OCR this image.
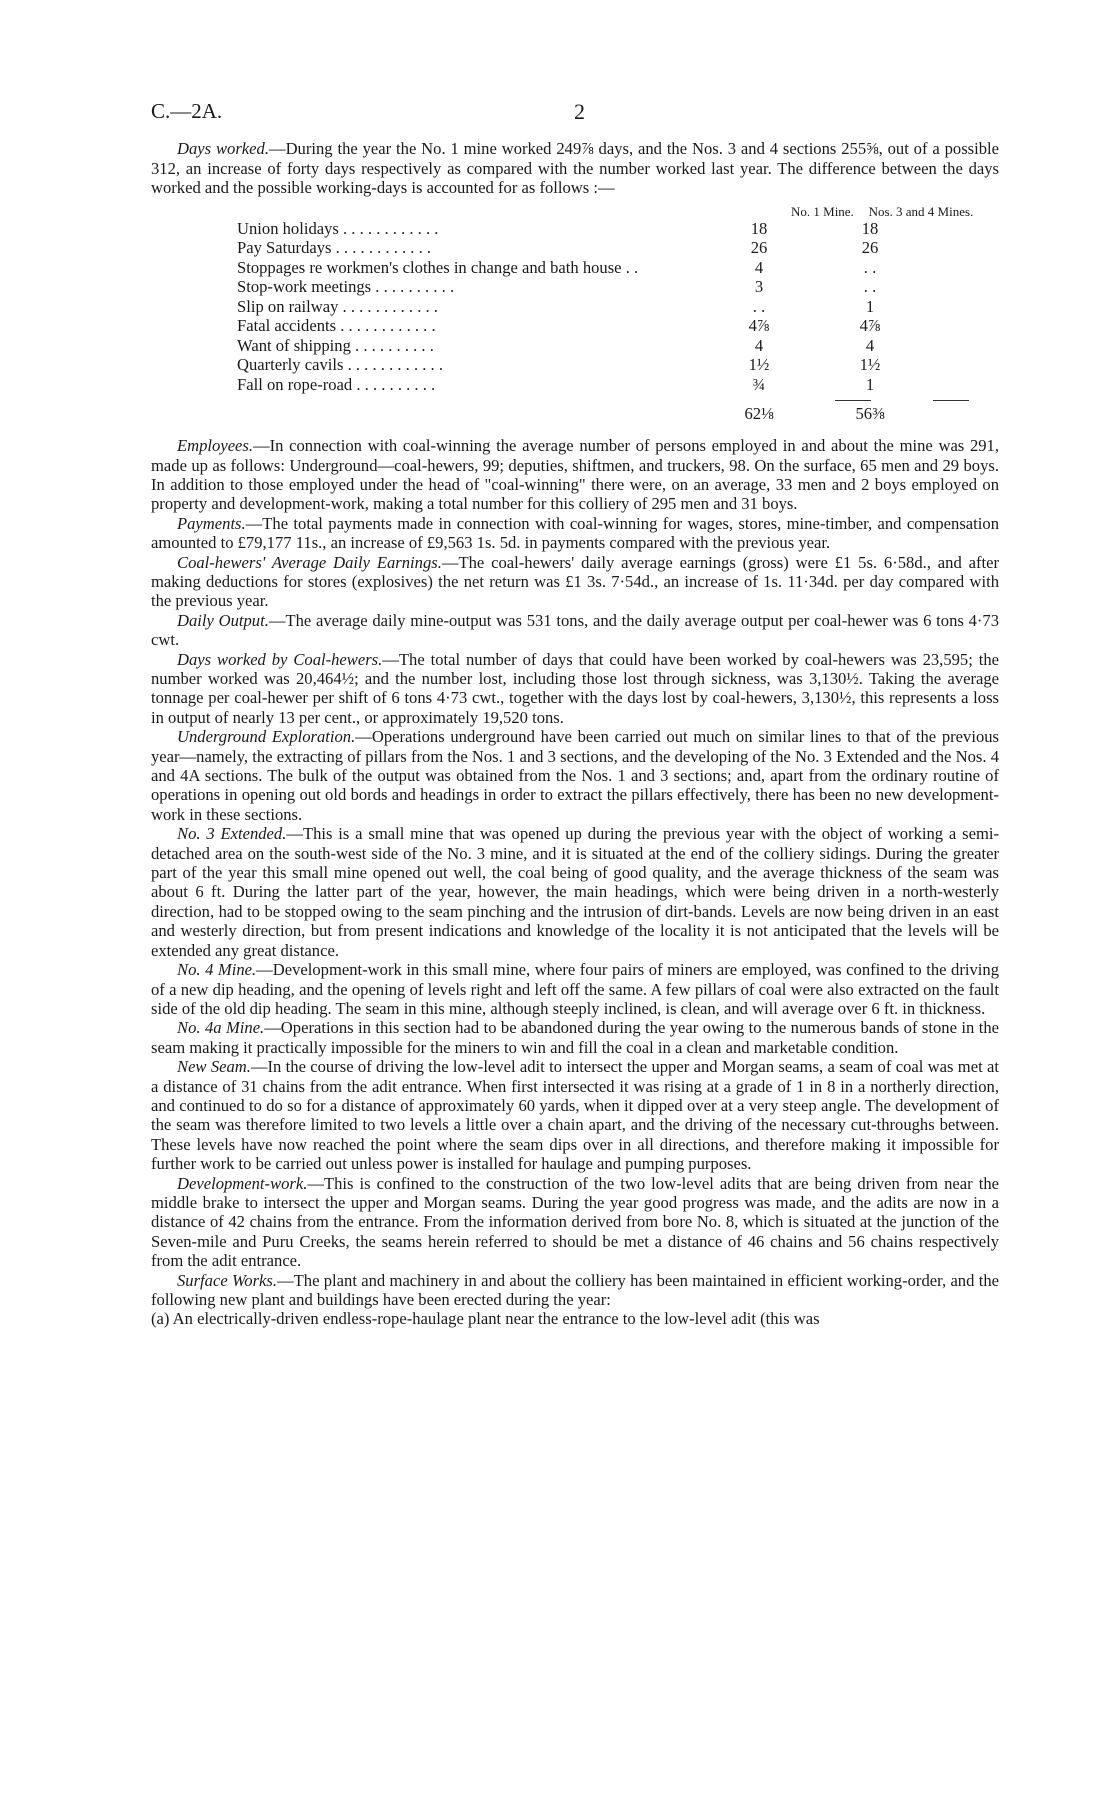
C.—2A.	2

Days worked.—During the year the No. 1 mine worked 249⅞ days, and the Nos. 3 and 4 sections 255⅝, out of a possible 312, an increase of forty days respectively as compared with the number worked last year. The difference between the days worked and the possible working-days is accounted for as follows :—

No. 1 Mine.	Nos. 3 and 4 Mines.
Union holidays . . . . . . . . . . . .	18	18
Pay Saturdays . . . . . . . . . . . .	26	26
Stoppages re workmen's clothes in change and bath house . .	4	. .
Stop-work meetings . . . . . . . . . .	3	. .
Slip on railway . . . . . . . . . . . .	. .	1
Fatal accidents . . . . . . . . . . . .	4⅞	4⅞
Want of shipping . . . . . . . . . .	4	4
Quarterly cavils . . . . . . . . . . . .	1½	1½
Fall on rope-road . . . . . . . . . .	¾	1
62⅛	56⅜

Employees.—In connection with coal-winning the average number of persons employed in and about the mine was 291, made up as follows: Underground—coal-hewers, 99; deputies, shiftmen, and truckers, 98. On the surface, 65 men and 29 boys. In addition to those employed under the head of "coal-winning" there were, on an average, 33 men and 2 boys employed on property and development-work, making a total number for this colliery of 295 men and 31 boys.

Payments.—The total payments made in connection with coal-winning for wages, stores, mine-timber, and compensation amounted to £79,177 11s., an increase of £9,563 1s. 5d. in payments compared with the previous year.

Coal-hewers' Average Daily Earnings.—The coal-hewers' daily average earnings (gross) were £1 5s. 6·58d., and after making deductions for stores (explosives) the net return was £1 3s. 7·54d., an increase of 1s. 11·34d. per day compared with the previous year.

Daily Output.—The average daily mine-output was 531 tons, and the daily average output per coal-hewer was 6 tons 4·73 cwt.

Days worked by Coal-hewers.—The total number of days that could have been worked by coal-hewers was 23,595; the number worked was 20,464½; and the number lost, including those lost through sickness, was 3,130½. Taking the average tonnage per coal-hewer per shift of 6 tons 4·73 cwt., together with the days lost by coal-hewers, 3,130½, this represents a loss in output of nearly 13 per cent., or approximately 19,520 tons.

Underground Exploration.—Operations underground have been carried out much on similar lines to that of the previous year—namely, the extracting of pillars from the Nos. 1 and 3 sections, and the developing of the No. 3 Extended and the Nos. 4 and 4A sections. The bulk of the output was obtained from the Nos. 1 and 3 sections; and, apart from the ordinary routine of operations in opening out old bords and headings in order to extract the pillars effectively, there has been no new development-work in these sections.

No. 3 Extended.—This is a small mine that was opened up during the previous year with the object of working a semi-detached area on the south-west side of the No. 3 mine, and it is situated at the end of the colliery sidings. During the greater part of the year this small mine opened out well, the coal being of good quality, and the average thickness of the seam was about 6 ft. During the latter part of the year, however, the main headings, which were being driven in a north-westerly direction, had to be stopped owing to the seam pinching and the intrusion of dirt-bands. Levels are now being driven in an east and westerly direction, but from present indications and knowledge of the locality it is not anticipated that the levels will be extended any great distance.

No. 4 Mine.—Development-work in this small mine, where four pairs of miners are employed, was confined to the driving of a new dip heading, and the opening of levels right and left off the same. A few pillars of coal were also extracted on the fault side of the old dip heading. The seam in this mine, although steeply inclined, is clean, and will average over 6 ft. in thickness.

No. 4a Mine.—Operations in this section had to be abandoned during the year owing to the numerous bands of stone in the seam making it practically impossible for the miners to win and fill the coal in a clean and marketable condition.

New Seam.—In the course of driving the low-level adit to intersect the upper and Morgan seams, a seam of coal was met at a distance of 31 chains from the adit entrance. When first intersected it was rising at a grade of 1 in 8 in a northerly direction, and continued to do so for a distance of approximately 60 yards, when it dipped over at a very steep angle. The development of the seam was therefore limited to two levels a little over a chain apart, and the driving of the necessary cut-throughs between. These levels have now reached the point where the seam dips over in all directions, and therefore making it impossible for further work to be carried out unless power is installed for haulage and pumping purposes.

Development-work.—This is confined to the construction of the two low-level adits that are being driven from near the middle brake to intersect the upper and Morgan seams. During the year good progress was made, and the adits are now in a distance of 42 chains from the entrance. From the information derived from bore No. 8, which is situated at the junction of the Seven-mile and Puru Creeks, the seams herein referred to should be met a distance of 46 chains and 56 chains respectively from the adit entrance.

Surface Works.—The plant and machinery in and about the colliery has been maintained in efficient working-order, and the following new plant and buildings have been erected during the year:

(a) An electrically-driven endless-rope-haulage plant near the entrance to the low-level adit (this was
